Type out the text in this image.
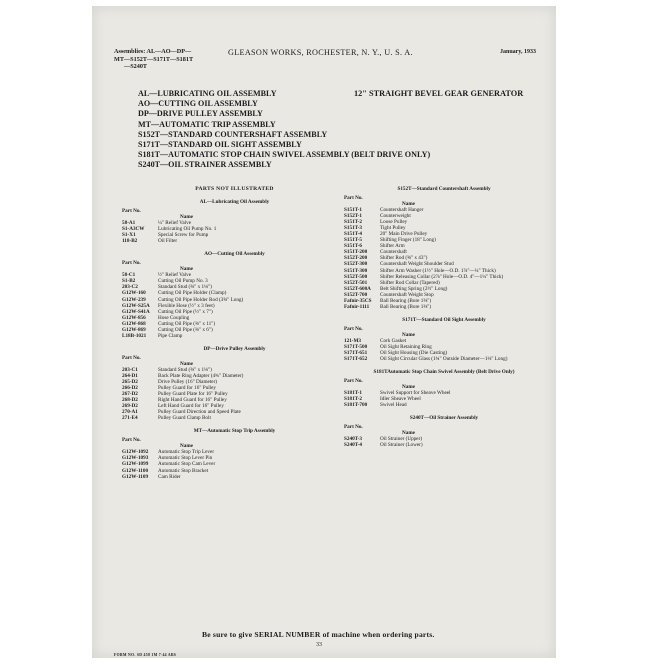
Assemblies: AL—AO—DP—
MT—S152T—S171T—S181T
—S240T
GLEASON WORKS, ROCHESTER, N. Y., U. S. A.	January, 1933
AL—LUBRICATING OIL ASSEMBLY
AO—CUTTING OIL ASSEMBLY
DP—DRIVE PULLEY ASSEMBLY
MT—AUTOMATIC TRIP ASSEMBLY
S152T—STANDARD COUNTERSHAFT ASSEMBLY
S171T—STANDARD OIL SIGHT ASSEMBLY
S181T—AUTOMATIC STOP CHAIN SWIVEL ASSEMBLY (BELT DRIVE ONLY)
S240T—OIL STRAINER ASSEMBLY
12" STRAIGHT BEVEL GEAR GENERATOR
PARTS NOT ILLUSTRATED
AL—Lubricating Oil Assembly
Part No.
Name
58-A1	¼" Relief Valve
S1-A3CW	Lubricating Oil Pump No. 1
S1-X1	Special Screw for Pump
118-B2	Oil Filter
AO—Cutting Oil Assembly
Part No.
Name
58-C1	½" Relief Valve
S1-B2	Cutting Oil Pump No. 3
203-C2	Standard Stud (⅜" x 1⅛")
G12W-160	Cutting Oil Pipe Holder (Clamp)
G12W-239	Cutting Oil Pipe Holder Rod (3⅝" Long)
G12W-S25A	Flexible Hose (½" x 3 feet)
G12W-S41A	Cutting Oil Pipe (½" x 7")
G12W-856	Hose Coupling
G12W-868	Cutting Oil Pipe (⅜" x 11")
G12W-869	Cutting Oil Pipe (⅜" x 6")
L18B-1021	Pipe Clamp
DP—Drive Pulley Assembly
Part No.
Name
203-C1	Standard Stud (⅜" x 1⅛")
264-D1	Back Plate Ring Adapter (4¾" Diameter)
265-D2	Drive Pulley (16" Diameter)
266-D2	Pulley Guard for 16" Pulley
267-D2	Pulley Guard Plate for 16" Pulley
268-D2	Right Hand Guard for 16" Pulley
269-D2	Left Hand Guard for 16" Pulley
270-A1	Pulley Guard Direction and Speed Plate
271-E4	Pulley Guard Clamp Bolt
MT—Automatic Stop Trip Assembly
Part No.
Name
G12W-1092	Automatic Stop Trip Lever
G12W-1093	Automatic Stop Lever Pin
G12W-1099	Automatic Stop Cam Lever
G12W-1100	Automatic Stop Bracket
G12W-1109	Cam Rider
S152T—Standard Countershaft Assembly
Part No.
Name
S151T-1	Countershaft Hanger
S152T-1	Counterweight
S151T-2	Loose Pulley
S151T-3	Tight Pulley
S151T-4	20" Main Drive Pulley
S151T-5	Shifting Finger (18" Long)
S151T-6	Shifter Arm
S151T-200	Countershaft
S152T-200	Shifter Rod (⅝" x 43")
S152T-300	Countershaft Weight Shoulder Stud
S151T-300	Shifter Arm Washer (1½" Hole—O.D. 1⅞"—¼" Thick)
S152T-500	Shifter Releasing Collar (2⅞" Hole—O.D. 4"—1¼" Thick)
S152T-501	Shifter Rod Collar (Tapered)
S152T-600A	Belt Shifting Spring (2½" Long)
S152T-700	Countershaft Weight Stop
Fafnir-35CS	Ball Bearing (Bore 1⅜")
Fafnir-1111	Ball Bearing (Bore 1⅜")
S171T—Standard Oil Sight Assembly
Part No.
Name
121-M3	Cork Gasket
S171T-500	Oil Sight Retaining Ring
S171T-651	Oil Sight Housing (Die Casting)
S171T-652	Oil Sight Circular Glass (1¾" Outside Diameter—1⅛" Long)
S181TAutomatic Stop Chain Swivel Assembly (Belt Drive Only)
Part No.
Name
S181T-1	Swivel Support for Sheave Wheel
S181T-2	Idler Sheave Wheel
S181T-700	Swivel Head
S240T—Oil Strainer Assembly
Part No.
Name
S240T-3	Oil Strainer (Upper)
S240T-4	Oil Strainer (Lower)
Be sure to give SERIAL NUMBER of machine when ordering parts.
33
FORM NO. SD 458 1M 7-44 ABS
